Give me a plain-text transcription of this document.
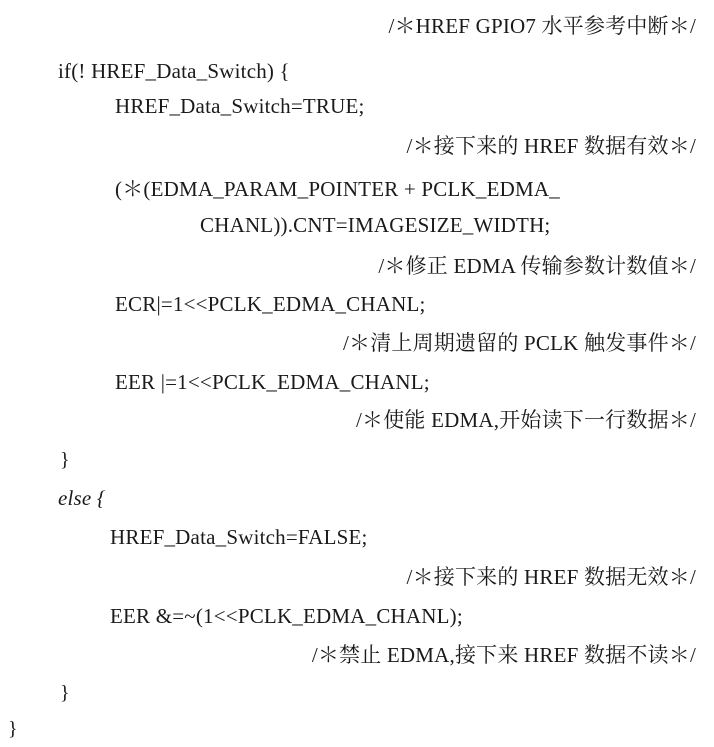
/＊HREF GPIO7 水平参考中断＊/
if(! HREF_Data_Switch) {
HREF_Data_Switch=TRUE;
/＊接下来的 HREF 数据有效＊/
(＊(EDMA_PARAM_POINTER + PCLK_EDMA_
CHANL)).CNT=IMAGESIZE_WIDTH;
/＊修正 EDMA 传输参数计数值＊/
ECR|=1<<PCLK_EDMA_CHANL;
/＊清上周期遗留的 PCLK 触发事件＊/
EER |=1<<PCLK_EDMA_CHANL;
/＊使能 EDMA,开始读下一行数据＊/
}
else {
HREF_Data_Switch=FALSE;
/＊接下来的 HREF 数据无效＊/
EER &=~(1<<PCLK_EDMA_CHANL);
/＊禁止 EDMA,接下来 HREF 数据不读＊/
}
}
